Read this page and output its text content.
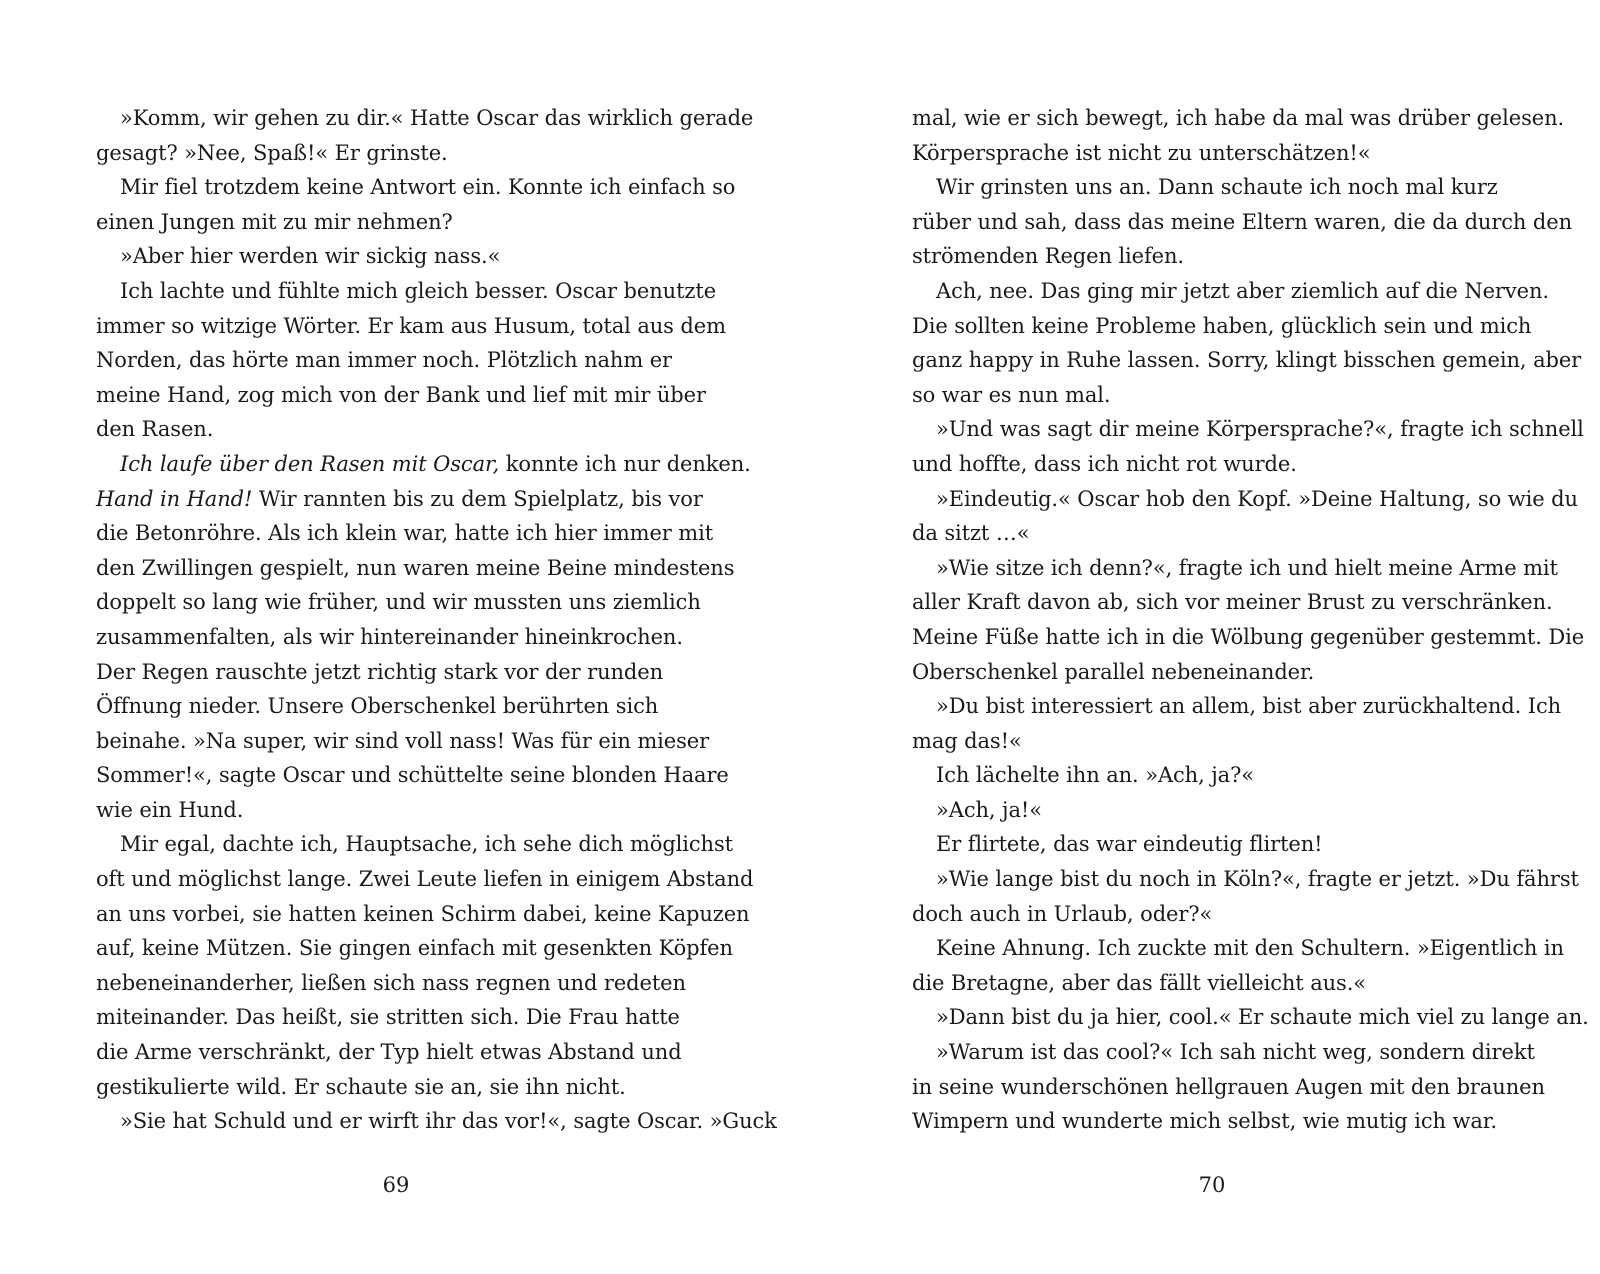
»Komm, wir gehen zu dir.« Hatte Oscar das wirklich gerade
gesagt? »Nee, Spaß!« Er grinste.
Mir fiel trotzdem keine Antwort ein. Konnte ich einfach so
einen Jungen mit zu mir nehmen?
»Aber hier werden wir sickig nass.«
Ich lachte und fühlte mich gleich besser. Oscar benutzte
immer so witzige Wörter. Er kam aus Husum, total aus dem
Norden, das hörte man immer noch. Plötzlich nahm er
meine Hand, zog mich von der Bank und lief mit mir über
den Rasen.
Ich laufe über den Rasen mit Oscar, konnte ich nur denken.
Hand in Hand! Wir rannten bis zu dem Spielplatz, bis vor
die Betonröhre. Als ich klein war, hatte ich hier immer mit
den Zwillingen gespielt, nun waren meine Beine mindestens
doppelt so lang wie früher, und wir mussten uns ziemlich
zusammenfalten, als wir hintereinander hineinkrochen.
Der Regen rauschte jetzt richtig stark vor der runden
Öffnung nieder. Unsere Oberschenkel berührten sich
beinahe. »Na super, wir sind voll nass! Was für ein mieser
Sommer!«, sagte Oscar und schüttelte seine blonden Haare
wie ein Hund.
Mir egal, dachte ich, Hauptsache, ich sehe dich möglichst
oft und möglichst lange. Zwei Leute liefen in einigem Abstand
an uns vorbei, sie hatten keinen Schirm dabei, keine Kapuzen
auf, keine Mützen. Sie gingen einfach mit gesenkten Köpfen
nebeneinanderher, ließen sich nass regnen und redeten
miteinander. Das heißt, sie stritten sich. Die Frau hatte
die Arme verschränkt, der Typ hielt etwas Abstand und
gestikulierte wild. Er schaute sie an, sie ihn nicht.
»Sie hat Schuld und er wirft ihr das vor!«, sagte Oscar. »Guck
69
mal, wie er sich bewegt, ich habe da mal was drüber gelesen.
Körpersprache ist nicht zu unterschätzen!«
Wir grinsten uns an. Dann schaute ich noch mal kurz
rüber und sah, dass das meine Eltern waren, die da durch den
strömenden Regen liefen.
Ach, nee. Das ging mir jetzt aber ziemlich auf die Nerven.
Die sollten keine Probleme haben, glücklich sein und mich
ganz happy in Ruhe lassen. Sorry, klingt bisschen gemein, aber
so war es nun mal.
»Und was sagt dir meine Körpersprache?«, fragte ich schnell
und hoffte, dass ich nicht rot wurde.
»Eindeutig.« Oscar hob den Kopf. »Deine Haltung, so wie du
da sitzt …«
»Wie sitze ich denn?«, fragte ich und hielt meine Arme mit
aller Kraft davon ab, sich vor meiner Brust zu verschränken.
Meine Füße hatte ich in die Wölbung gegenüber gestemmt. Die
Oberschenkel parallel nebeneinander.
»Du bist interessiert an allem, bist aber zurückhaltend. Ich
mag das!«
Ich lächelte ihn an. »Ach, ja?«
»Ach, ja!«
Er flirtete, das war eindeutig flirten!
»Wie lange bist du noch in Köln?«, fragte er jetzt. »Du fährst
doch auch in Urlaub, oder?«
Keine Ahnung. Ich zuckte mit den Schultern. »Eigentlich in
die Bretagne, aber das fällt vielleicht aus.«
»Dann bist du ja hier, cool.« Er schaute mich viel zu lange an.
»Warum ist das cool?« Ich sah nicht weg, sondern direkt
in seine wunderschönen hellgrauen Augen mit den braunen
Wimpern und wunderte mich selbst, wie mutig ich war.
70
